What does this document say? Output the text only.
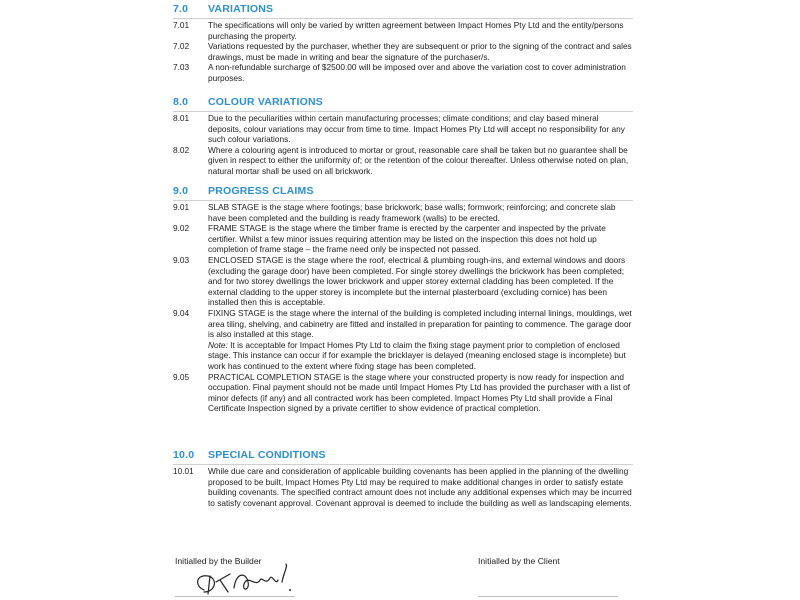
7.0	VARIATIONS
7.01	The specifications will only be varied by written agreement between Impact Homes Pty Ltd and the entity/persons purchasing the property.
7.02	Variations requested by the purchaser, whether they are subsequent or prior to the signing of the contract and sales drawings, must be made in writing and bear the signature of the purchaser/s.
7.03	A non-refundable surcharge of $2500.00 will be imposed over and above the variation cost to cover administration purposes.
8.0	COLOUR VARIATIONS
8.01	Due to the peculiarities within certain manufacturing processes; climate conditions; and clay based mineral deposits, colour variations may occur from time to time. Impact Homes Pty Ltd will accept no responsibility for any such colour variations.
8.02	Where a colouring agent is introduced to mortar or grout, reasonable care shall be taken but no guarantee shall be given in respect to either the uniformity of; or the retention of the colour thereafter. Unless otherwise noted on plan, natural mortar shall be used on all brickwork.
9.0	PROGRESS CLAIMS
9.01	SLAB STAGE is the stage where footings; base brickwork; base walls; formwork; reinforcing; and concrete slab have been completed and the building is ready framework (walls) to be erected.
9.02	FRAME STAGE is the stage where the timber frame is erected by the carpenter and inspected by the private certifier. Whilst a few minor issues requiring attention may be listed on the inspection this does not hold up completion of frame stage – the frame need only be inspected not passed.
9.03	ENCLOSED STAGE is the stage where the roof, electrical & plumbing rough-ins, and external windows and doors (excluding the garage door) have been completed. For single storey dwellings the brickwork has been completed; and for two storey dwellings the lower brickwork and upper storey external cladding has been completed. If the external cladding to the upper storey is incomplete but the internal plasterboard (excluding cornice) has been installed then this is acceptable.
9.04	FIXING STAGE is the stage where the internal of the building is completed including internal linings, mouldings, wet area tiling, shelving, and cabinetry are fitted and installed in preparation for painting to commence. The garage door is also installed at this stage.
Note: It is acceptable for Impact Homes Pty Ltd to claim the fixing stage payment prior to completion of enclosed stage. This instance can occur if for example the bricklayer is delayed (meaning enclosed stage is incomplete) but work has continued to the extent where fixing stage has been completed.
9.05	PRACTICAL COMPLETION STAGE is the stage where your constructed property is now ready for inspection and occupation. Final payment should not be made until Impact Homes Pty Ltd has provided the purchaser with a list of minor defects (if any) and all contracted work has been completed. Impact Homes Pty Ltd shall provide a Final Certificate Inspection signed by a private certifier to show evidence of practical completion.
10.0	SPECIAL CONDITIONS
10.01	While due care and consideration of applicable building covenants has been applied in the planning of the dwelling proposed to be built, Impact Homes Pty Ltd may be required to make additional changes in order to satisfy estate building covenants. The specified contract amount does not include any additional expenses which may be incurred to satisfy covenant approval. Covenant approval is deemed to include the building as well as landscaping elements.
Initialled by the Builder	Initialled by the Client
